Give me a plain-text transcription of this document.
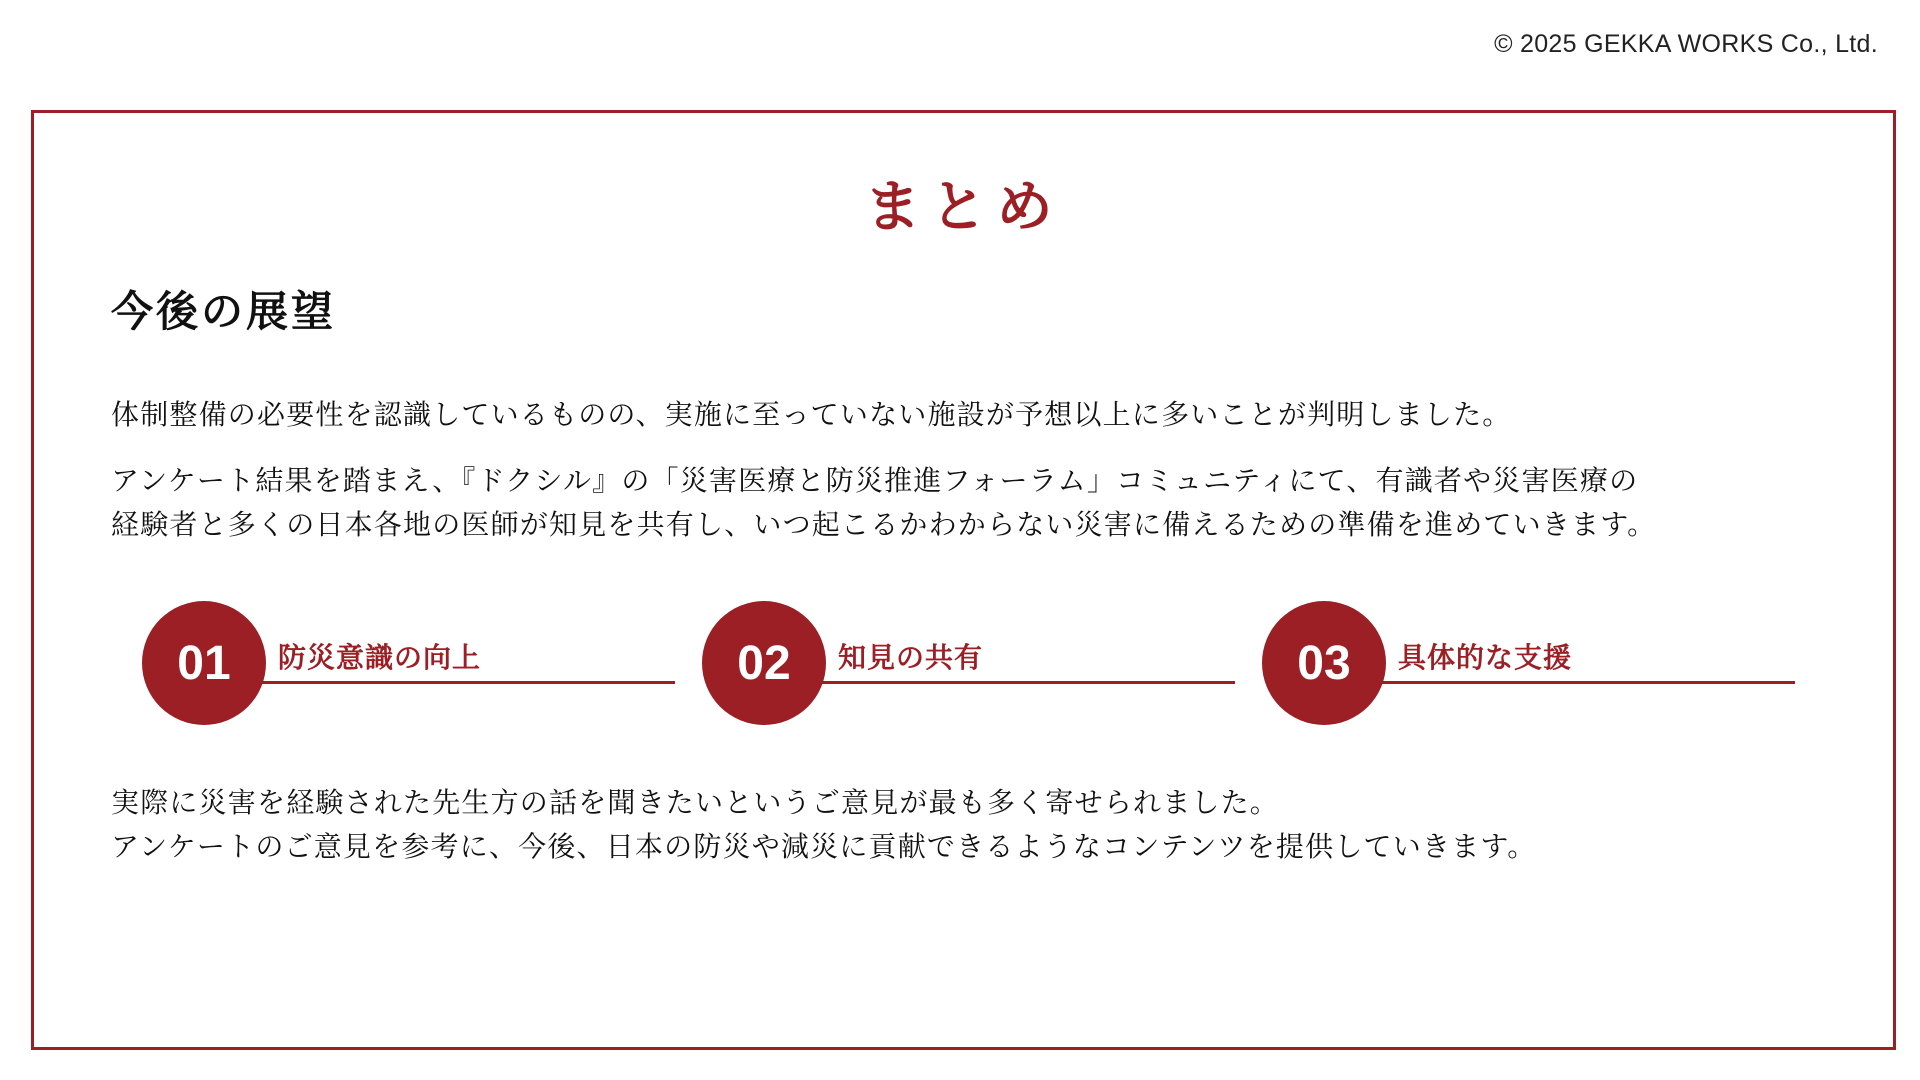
© 2025 GEKKA WORKS Co., Ltd.
まとめ
今後の展望

体制整備の必要性を認識しているものの、実施に至っていない施設が予想以上に多いことが判明しました。

アンケート結果を踏まえ、『ドクシル』の「災害医療と防災推進フォーラム」コミュニティにて、有識者や災害医療の

経験者と多くの日本各地の医師が知見を共有し、いつ起こるかわからない災害に備えるための準備を進めていきます。

01	防災意識の向上	02	知見の共有	03	具体的な支援

実際に災害を経験された先生方の話を聞きたいというご意見が最も多く寄せられました。

アンケートのご意見を参考に、今後、日本の防災や減災に貢献できるようなコンテンツを提供していきます。
